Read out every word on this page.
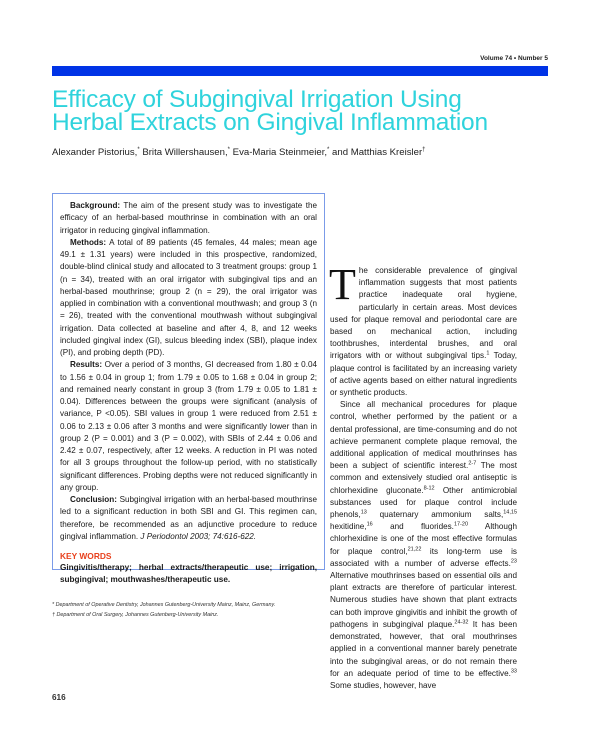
Volume 74 • Number 5
Efficacy of Subgingival Irrigation Using
Herbal Extracts on Gingival Inflammation
Alexander Pistorius,* Brita Willershausen,* Eva-Maria Steinmeier,* and Matthias Kreisler†

Background: The aim of the present study was to investigate the efficacy of an herbal-based mouthrinse in combination with an oral irrigator in reducing gingival inflammation.

Methods: A total of 89 patients (45 females, 44 males; mean age 49.1 ± 1.31 years) were included in this prospective, randomized, double-blind clinical study and allocated to 3 treatment groups: group 1 (n = 34), treated with an oral irrigator with subgingival tips and an herbal-based mouthrinse; group 2 (n = 29), the oral irrigator was applied in combination with a conventional mouthwash; and group 3 (n = 26), treated with the conventional mouthwash without subgingival irrigation. Data collected at baseline and after 4, 8, and 12 weeks included gingival index (GI), sulcus bleeding index (SBI), plaque index (PI), and probing depth (PD).

Results: Over a period of 3 months, GI decreased from 1.80 ± 0.04 to 1.56 ± 0.04 in group 1; from 1.79 ± 0.05 to 1.68 ± 0.04 in group 2; and remained nearly constant in group 3 (from 1.79 ± 0.05 to 1.81 ± 0.04). Differences between the groups were significant (analysis of variance, P <0.05). SBI values in group 1 were reduced from 2.51 ± 0.06 to 2.13 ± 0.06 after 3 months and were significantly lower than in group 2 (P = 0.001) and 3 (P = 0.002), with SBIs of 2.44 ± 0.06 and 2.42 ± 0.07, respectively, after 12 weeks. A reduction in PI was noted for all 3 groups throughout the follow-up period, with no statistically significant differences. Probing depths were not reduced significantly in any group.

Conclusion: Subgingival irrigation with an herbal-based mouthrinse led to a significant reduction in both SBI and GI. This regimen can, therefore, be recommended as an adjunctive procedure to reduce gingival inflammation. J Periodontol 2003; 74:616-622.

KEY WORDS
Gingivitis/therapy; herbal extracts/therapeutic use; irrigation, subgingival; mouthwashes/therapeutic use.
* Department of Operative Dentistry, Johannes Gutenberg-University Mainz, Mainz, Germany.
† Department of Oral Surgery, Johannes Gutenberg-University Mainz.
616

The considerable prevalence of gingival inflammation suggests that most patients practice inadequate oral hygiene, particularly in certain areas. Most devices used for plaque removal and periodontal care are based on mechanical action, including toothbrushes, interdental brushes, and oral irrigators with or without subgingival tips.$^1$ Today, plaque control is facilitated by an increasing variety of active agents based on either natural ingredients or synthetic products.

Since all mechanical procedures for plaque control, whether performed by the patient or a dental professional, are time-consuming and do not achieve permanent complete plaque removal, the additional application of medical mouthrinses has been a subject of scientific interest.$^{2-7}$ The most common and extensively studied oral antiseptic is chlorhexidine gluconate.$^{8-12}$ Other antimicrobial substances used for plaque control include phenols,$^{13}$ quaternary ammonium salts,$^{14,15}$ hexitidine,$^{16}$ and fluorides.$^{17-20}$ Although chlorhexidine is one of the most effective formulas for plaque control,$^{21,22}$ its long-term use is associated with a number of adverse effects.$^{23}$ Alternative mouthrinses based on essential oils and plant extracts are therefore of particular interest. Numerous studies have shown that plant extracts can both improve gingivitis and inhibit the growth of pathogens in subgingival plaque.$^{24-32}$ It has been demonstrated, however, that oral mouthrinses applied in a conventional manner barely penetrate into the subgingival areas, or do not remain there for an adequate period of time to be effective.$^{33}$ Some studies, however, have
